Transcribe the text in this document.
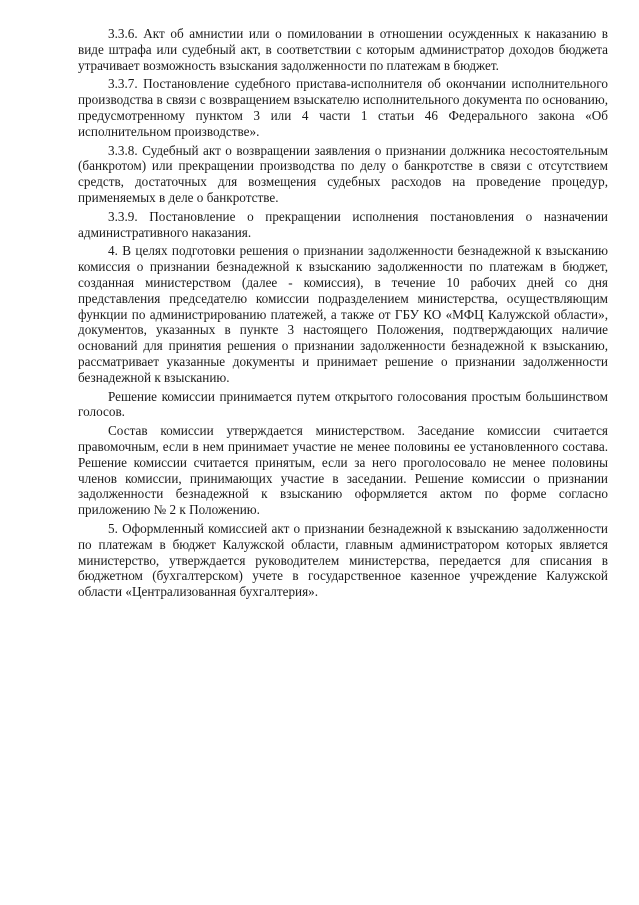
3.3.6. Акт об амнистии или о помиловании в отношении осужденных к наказанию в виде штрафа или судебный акт, в соответствии с которым администратор доходов бюджета утрачивает возможность взыскания задолженности по платежам в бюджет.

3.3.7. Постановление судебного пристава-исполнителя об окончании исполнительного производства в связи с возвращением взыскателю исполнительного документа по основанию, предусмотренному пунктом 3 или 4 части 1 статьи 46 Федерального закона «Об исполнительном производстве».

3.3.8. Судебный акт о возвращении заявления о признании должника несостоятельным (банкротом) или прекращении производства по делу о банкротстве в связи с отсутствием средств, достаточных для возмещения судебных расходов на проведение процедур, применяемых в деле о банкротстве.

3.3.9. Постановление о прекращении исполнения постановления о назначении административного наказания.

4. В целях подготовки решения о признании задолженности безнадежной к взысканию комиссия о признании безнадежной к взысканию задолженности по платежам в бюджет, созданная министерством (далее - комиссия), в течение 10 рабочих дней со дня представления председателю комиссии подразделением министерства, осуществляющим функции по администрированию платежей, а также от ГБУ КО «МФЦ Калужской области», документов, указанных в пункте 3 настоящего Положения, подтверждающих наличие оснований для принятия решения о признании задолженности безнадежной к взысканию, рассматривает указанные документы и принимает решение о признании задолженности безнадежной к взысканию.

Решение комиссии принимается путем открытого голосования простым большинством голосов.

Состав комиссии утверждается министерством. Заседание комиссии считается правомочным, если в нем принимает участие не менее половины ее установленного состава. Решение комиссии считается принятым, если за него проголосовало не менее половины членов комиссии, принимающих участие в заседании. Решение комиссии о признании задолженности безнадежной к взысканию оформляется актом по форме согласно приложению № 2 к Положению.

5. Оформленный комиссией акт о признании безнадежной к взысканию задолженности по платежам в бюджет Калужской области, главным администратором которых является министерство, утверждается руководителем министерства, передается для списания в бюджетном (бухгалтерском) учете в государственное казенное учреждение Калужской области «Централизованная бухгалтерия».
